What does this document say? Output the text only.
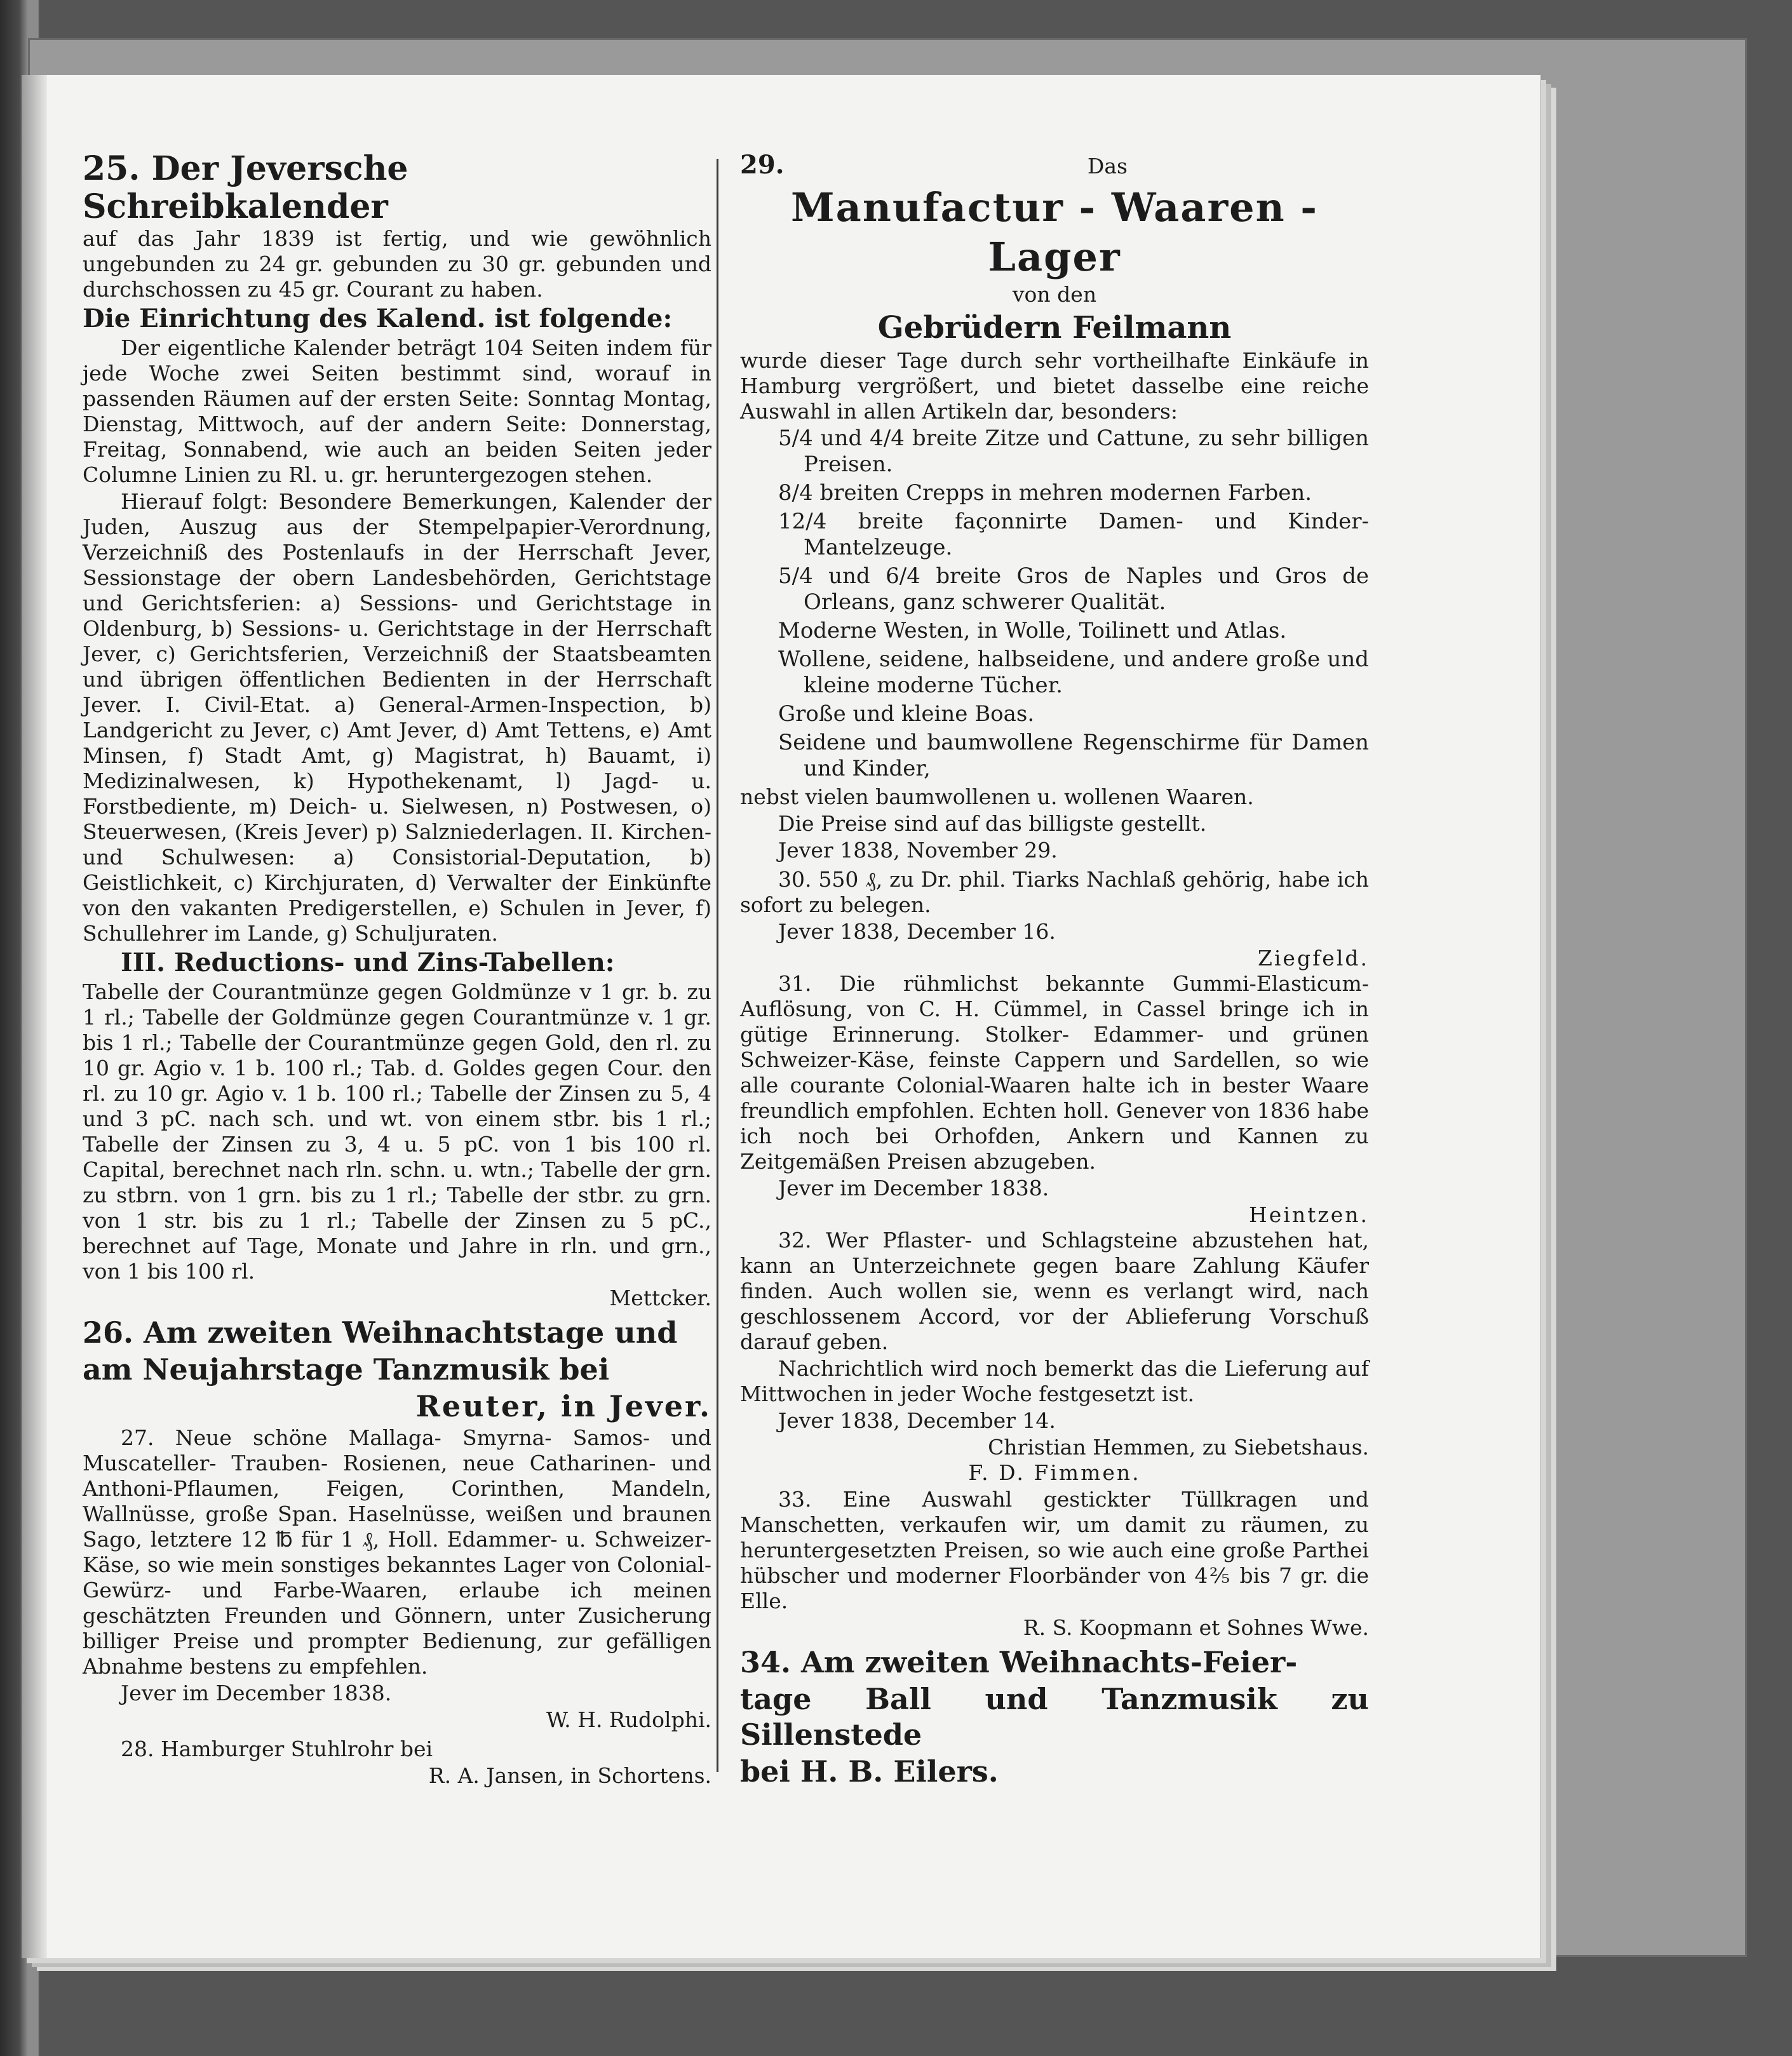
25. Der Jeversche Schreibkalender

auf das Jahr 1839 ist fertig, und wie gewöhnlich ungebunden zu 24 gr. gebunden zu 30 gr. gebunden und durchschossen zu 45 gr. Courant zu haben.

Die Einrichtung des Kalend. ist folgende:

Der eigentliche Kalender beträgt 104 Seiten indem für jede Woche zwei Seiten bestimmt sind, worauf in passenden Räumen auf der ersten Seite: Sonntag Montag, Dienstag, Mittwoch, auf der andern Seite: Donnerstag, Freitag, Sonnabend, wie auch an beiden Seiten jeder Columne Linien zu Rl. u. gr. heruntergezogen stehen.

Hierauf folgt: Besondere Bemerkungen, Kalender der Juden, Auszug aus der Stempelpapier-Verordnung, Verzeichniß des Postenlaufs in der Herrschaft Jever, Sessionstage der obern Landesbehörden, Gerichtstage und Gerichtsferien: a) Sessions- und Gerichtstage in Oldenburg, b) Sessions- u. Gerichtstage in der Herrschaft Jever, c) Gerichtsferien, Verzeichniß der Staatsbeamten und übrigen öffentlichen Bedienten in der Herrschaft Jever. I. Civil-Etat. a) General-Armen-Inspection, b) Landgericht zu Jever, c) Amt Jever, d) Amt Tettens, e) Amt Minsen, f) Stadt Amt, g) Magistrat, h) Bauamt, i) Medizinalwesen, k) Hypothekenamt, l) Jagd- u. Forstbediente, m) Deich- u. Sielwesen, n) Postwesen, o) Steuerwesen, (Kreis Jever) p) Salzniederlagen. II. Kirchen- und Schulwesen: a) Consistorial-Deputation, b) Geistlichkeit, c) Kirchjuraten, d) Verwalter der Einkünfte von den vakanten Predigerstellen, e) Schulen in Jever, f) Schullehrer im Lande, g) Schuljuraten.

III. Reductions- und Zins-Tabellen:

Tabelle der Courantmünze gegen Goldmünze v 1 gr. b. zu 1 rl.; Tabelle der Goldmünze gegen Courantmünze v. 1 gr. bis 1 rl.; Tabelle der Courantmünze gegen Gold, den rl. zu 10 gr. Agio v. 1 b. 100 rl.; Tab. d. Goldes gegen Cour. den rl. zu 10 gr. Agio v. 1 b. 100 rl.; Tabelle der Zinsen zu 5, 4 und 3 pC. nach sch. und wt. von einem stbr. bis 1 rl.; Tabelle der Zinsen zu 3, 4 u. 5 pC. von 1 bis 100 rl. Capital, berechnet nach rln. schn. u. wtn.; Tabelle der grn. zu stbrn. von 1 grn. bis zu 1 rl.; Tabelle der stbr. zu grn. von 1 str. bis zu 1 rl.; Tabelle der Zinsen zu 5 pC., berechnet auf Tage, Monate und Jahre in rln. und grn., von 1 bis 100 rl.

Mettcker.

26. Am zweiten Weihnachtstage und

am Neujahrstage Tanzmusik bei

Reuter, in Jever.

27. Neue schöne Mallaga- Smyrna- Samos- und Muscateller- Trauben- Rosienen, neue Catharinen- und Anthoni-Pflaumen, Feigen, Corinthen, Mandeln, Wallnüsse, große Span. Haselnüsse, weißen und braunen Sago, letztere 12 ℔ für 1 ₰, Holl. Edammer- u. Schweizer-Käse, so wie mein sonstiges bekanntes Lager von Colonial- Gewürz- und Farbe-Waaren, erlaube ich meinen geschätzten Freunden und Gönnern, unter Zusicherung billiger Preise und prompter Bedienung, zur gefälligen Abnahme bestens zu empfehlen.

Jever im December 1838.

W. H. Rudolphi.

28. Hamburger Stuhlrohr bei

R. A. Jansen, in Schortens.

29.	Das

Manufactur - Waaren - Lager

von den

Gebrüdern Feilmann

wurde dieser Tage durch sehr vortheilhafte Einkäufe in Hamburg vergrößert, und bietet dasselbe eine reiche Auswahl in allen Artikeln dar, besonders:

5/4 und 4/4 breite Zitze und Cattune, zu sehr billigen Preisen.

8/4 breiten Crepps in mehren modernen Farben.

12/4 breite façonnirte Damen- und Kinder-Mantelzeuge.

5/4 und 6/4 breite Gros de Naples und Gros de Orleans, ganz schwerer Qualität.

Moderne Westen, in Wolle, Toilinett und Atlas.

Wollene, seidene, halbseidene, und andere große und kleine moderne Tücher.

Große und kleine Boas.

Seidene und baumwollene Regenschirme für Damen und Kinder,

nebst vielen baumwollenen u. wollenen Waaren.

Die Preise sind auf das billigste gestellt.

Jever 1838, November 29.

30. 550 ₰, zu Dr. phil. Tiarks Nachlaß gehörig, habe ich sofort zu belegen.

Jever 1838, December 16.

Ziegfeld.

31. Die rühmlichst bekannte Gummi-Elasticum-Auflösung, von C. H. Cümmel, in Cassel bringe ich in gütige Erinnerung. Stolker- Edammer- und grünen Schweizer-Käse, feinste Cappern und Sardellen, so wie alle courante Colonial-Waaren halte ich in bester Waare freundlich empfohlen. Echten holl. Genever von 1836 habe ich noch bei Orhofden, Ankern und Kannen zu Zeitgemäßen Preisen abzugeben.

Jever im December 1838.

Heintzen.

32. Wer Pflaster- und Schlagsteine abzustehen hat, kann an Unterzeichnete gegen baare Zahlung Käufer finden. Auch wollen sie, wenn es verlangt wird, nach geschlossenem Accord, vor der Ablieferung Vorschuß darauf geben.

Nachrichtlich wird noch bemerkt das die Lieferung auf Mittwochen in jeder Woche festgesetzt ist.

Jever 1838, December 14.

Christian Hemmen, zu Siebetshaus.

F. D. Fimmen.

33. Eine Auswahl gestickter Tüllkragen und Manschetten, verkaufen wir, um damit zu räumen, zu heruntergesetzten Preisen, so wie auch eine große Parthei hübscher und moderner Floorbänder von 4⅖ bis 7 gr. die Elle.

R. S. Koopmann et Sohnes Wwe.

34. Am zweiten Weihnachts-Feier-

tage Ball und Tanzmusik zu Sillenstede

bei H. B. Eilers.
